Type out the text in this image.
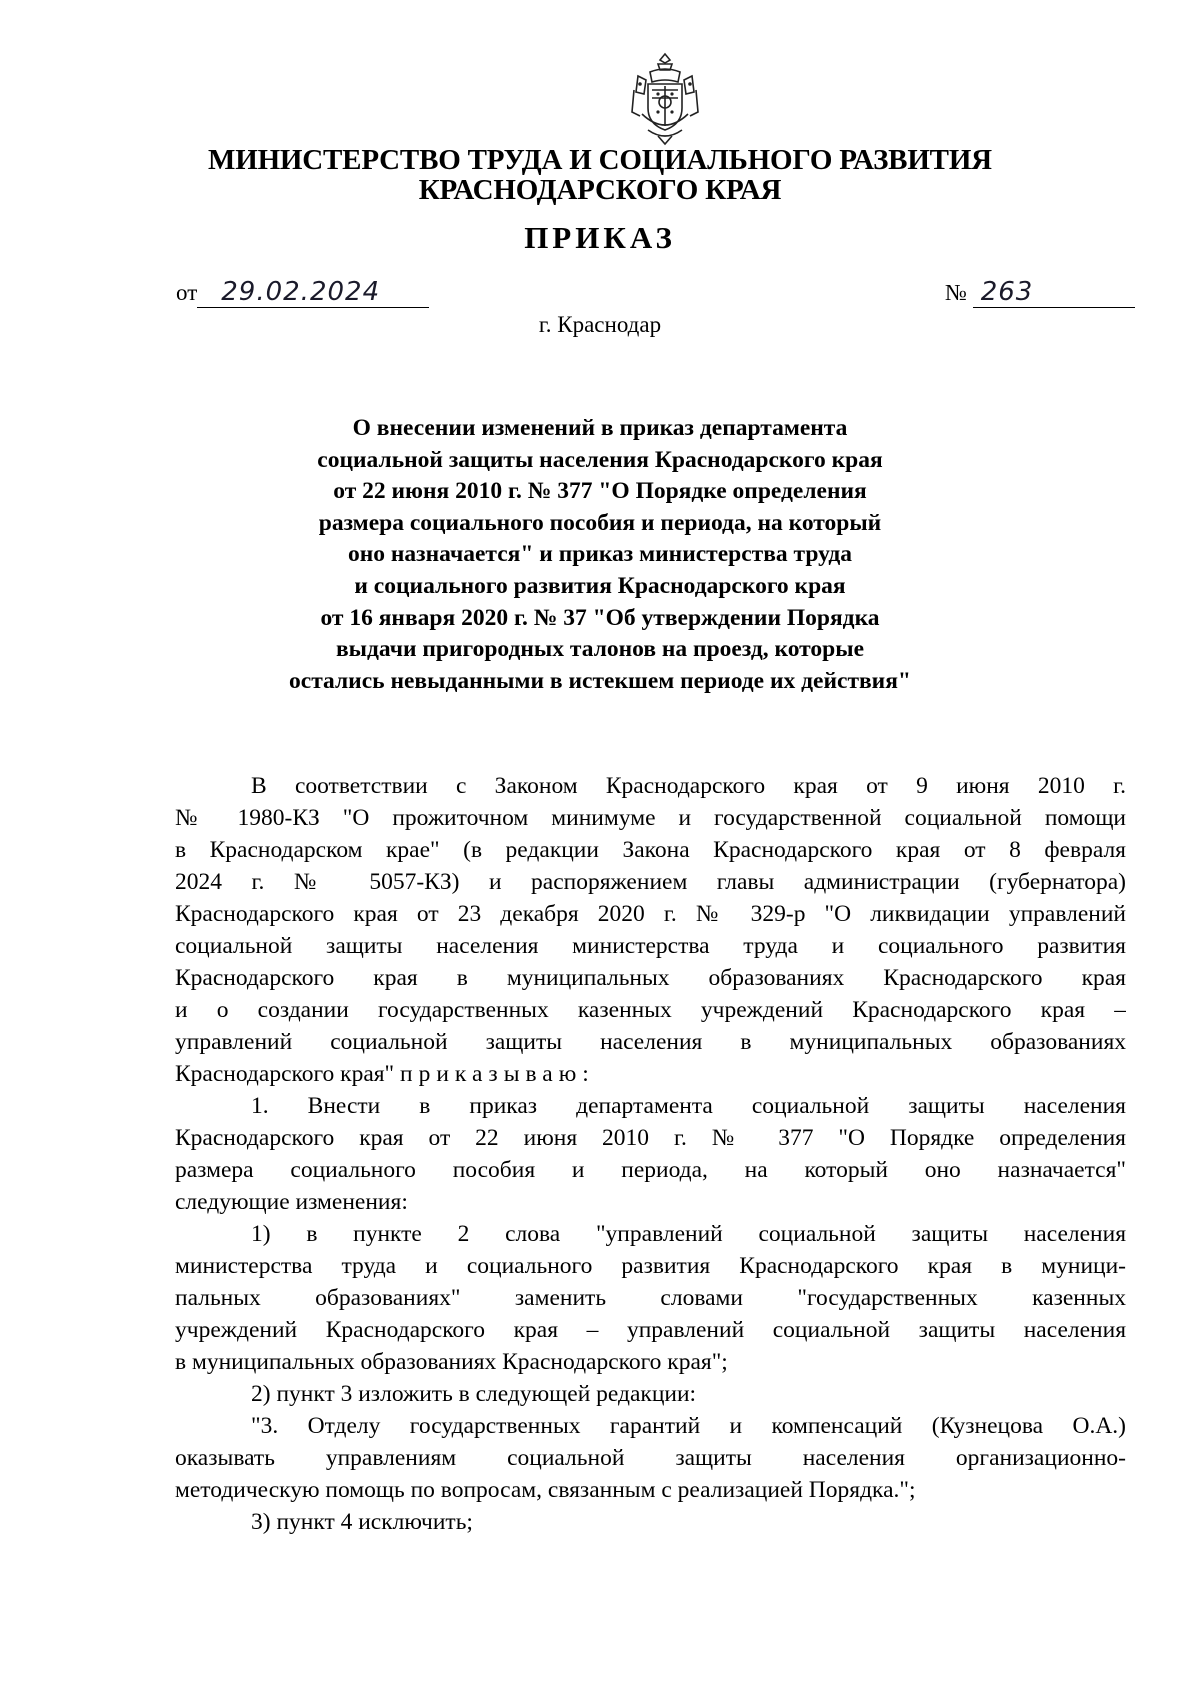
МИНИСТЕРСТВО ТРУДА И СОЦИАЛЬНОГО РАЗВИТИЯ
КРАСНОДАРСКОГО КРАЯ
ПРИКАЗ
от 29.02.2024	№ 263
г. Краснодар
О внесении изменений в приказ департамента
социальной защиты населения Краснодарского края
от 22 июня 2010 г. № 377 "О Порядке определения
размера социального пособия и периода, на который
оно назначается" и приказ министерства труда
и социального развития Краснодарского края
от 16 января 2020 г. № 37 "Об утверждении Порядка
выдачи пригородных талонов на проезд, которые
остались невыданными в истекшем периоде их действия"
В соответствии с Законом Краснодарского края от 9 июня 2010 г.
№ 1980-КЗ "О прожиточном минимуме и государственной социальной помощи
в Краснодарском крае" (в редакции Закона Краснодарского края от 8 февраля
2024 г. № 5057-КЗ) и распоряжением главы администрации (губернатора)
Краснодарского края от 23 декабря 2020 г. № 329-р "О ликвидации управлений
социальной защиты населения министерства труда и социального развития
Краснодарского края в муниципальных образованиях Краснодарского края
и о создании государственных казенных учреждений Краснодарского края –
управлений социальной защиты населения в муниципальных образованиях
Краснодарского края" приказываю:
1. Внести в приказ департамента социальной защиты населения
Краснодарского края от 22 июня 2010 г. № 377 "О Порядке определения
размера социального пособия и периода, на который оно назначается"
следующие изменения:
1) в пункте 2 слова "управлений социальной защиты населения
министерства труда и социального развития Краснодарского края в муници-
пальных образованиях" заменить словами "государственных казенных
учреждений Краснодарского края – управлений социальной защиты населения
в муниципальных образованиях Краснодарского края";
2) пункт 3 изложить в следующей редакции:
"3. Отделу государственных гарантий и компенсаций (Кузнецова О.А.)
оказывать управлениям социальной защиты населения организационно-
методическую помощь по вопросам, связанным с реализацией Порядка.";
3) пункт 4 исключить;
